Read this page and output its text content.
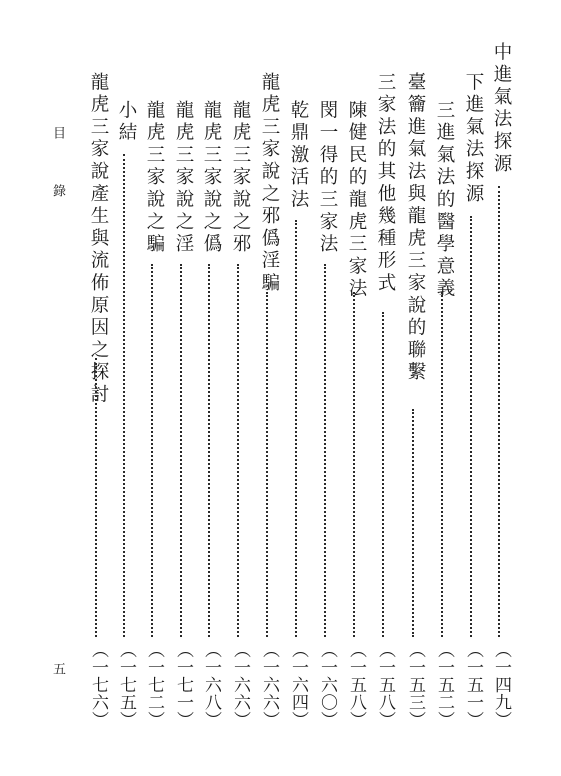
目　錄
五
中進氣法探源
（一四九）
下進氣法探源
（一五一）
三進氣法的醫學意義
（一五二）
臺籥進氣法與龍虎三家說的聯繫
（一五三）
三家法的其他幾種形式
（一五八）
陳健民的龍虎三家法
（一五八）
閔一得的三家法
（一六〇）
乾鼎激活法
（一六四）
龍虎三家說之邪僞淫騙
（一六六）
龍虎三家說之邪
（一六六）
龍虎三家說之僞
（一六八）
龍虎三家說之淫
（一七一）
龍虎三家說之騙
（一七二）
小結
（一七五）
龍虎三家說產生與流佈原因之探討
（一七六）
